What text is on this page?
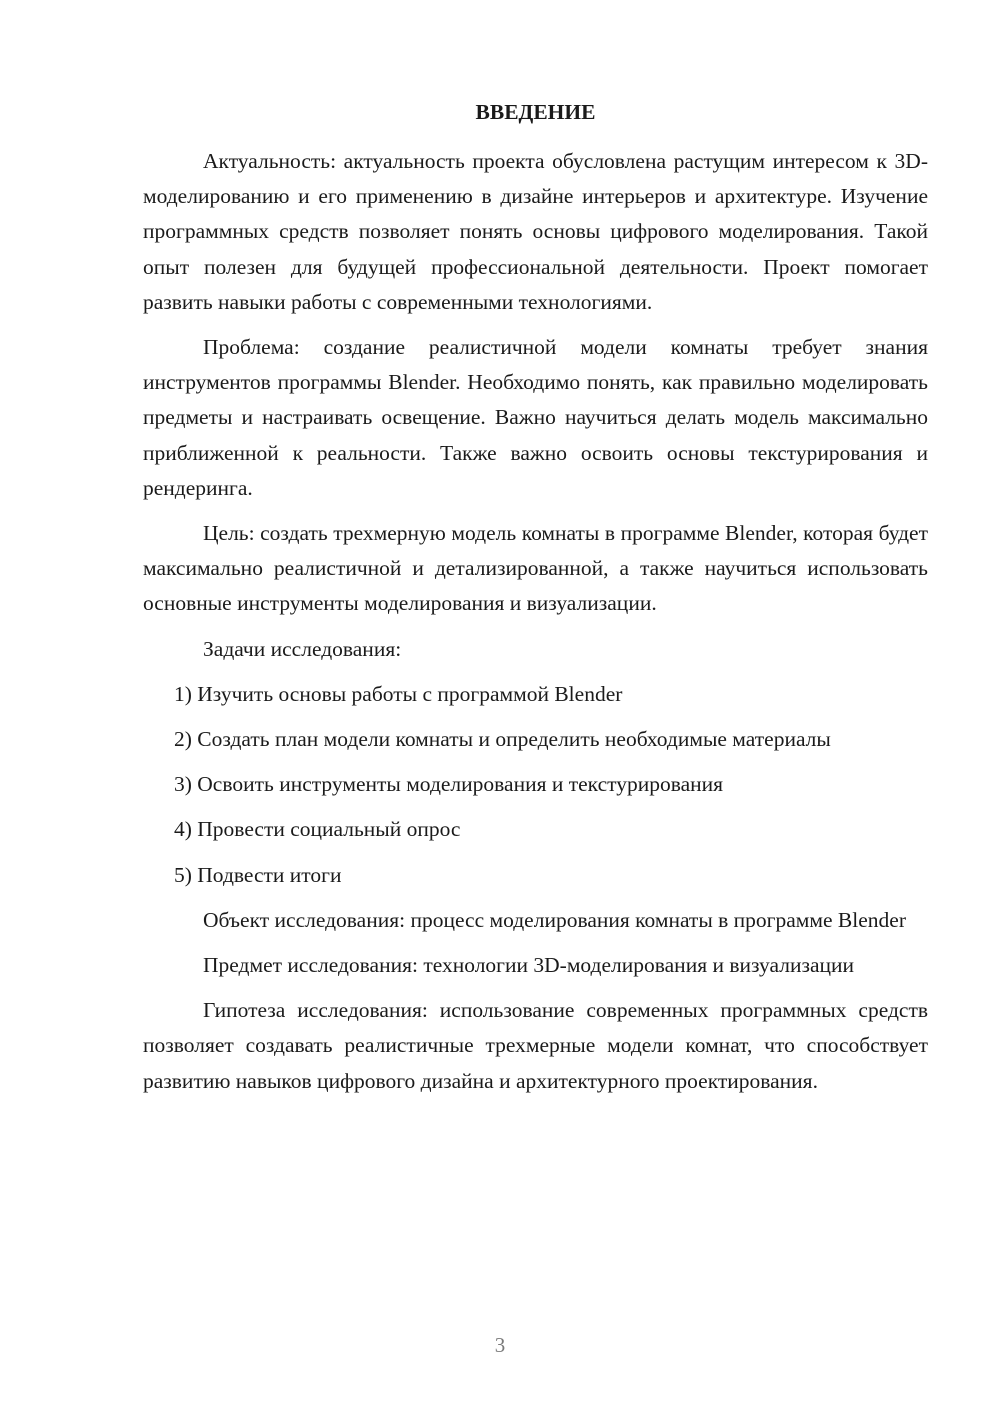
ВВЕДЕНИЕ

Актуальность: актуальность проекта обусловлена растущим интересом к 3D-моделированию и его применению в дизайне интерьеров и архитектуре. Изучение программных средств позволяет понять основы цифрового моделирования. Такой опыт полезен для будущей профессиональной деятельности. Проект помогает развить навыки работы с современными технологиями.

Проблема: создание реалистичной модели комнаты требует знания инструментов программы Blender. Необходимо понять, как правильно моделировать предметы и настраивать освещение. Важно научиться делать модель максимально приближенной к реальности. Также важно освоить основы текстурирования и рендеринга.

Цель: создать трехмерную модель комнаты в программе Blender, которая будет максимально реалистичной и детализированной, а также научиться использовать основные инструменты моделирования и визуализации.

Задачи исследования:

1) Изучить основы работы с программой Blender

2) Создать план модели комнаты и определить необходимые материалы

3) Освоить инструменты моделирования и текстурирования

4) Провести социальный опрос

5) Подвести итоги

Объект исследования: процесс моделирования комнаты в программе Blender

Предмет исследования: технологии 3D-моделирования и визуализации

Гипотеза исследования: использование современных программных средств позволяет создавать реалистичные трехмерные модели комнат, что способствует развитию навыков цифрового дизайна и архитектурного проектирования.

3
